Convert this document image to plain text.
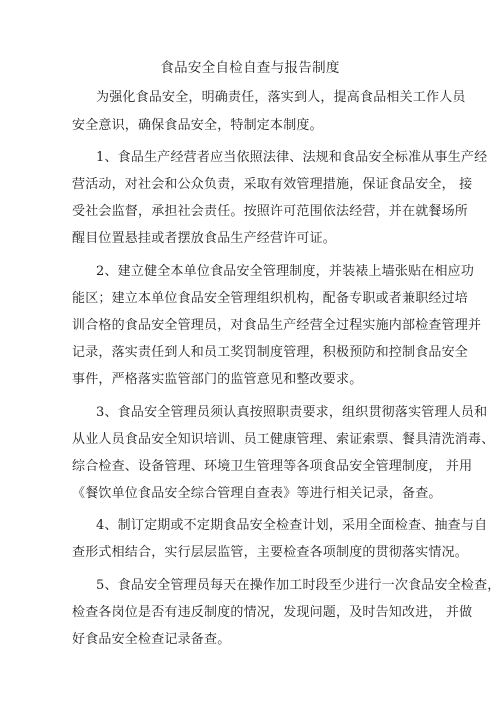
食品安全自检自查与报告制度
为强化食品安全，明确责任，落实到人，提高食品相关工作人员
安全意识，确保食品安全，特制定本制度。
1、食品生产经营者应当依照法律、法规和食品安全标准从事生产经
营活动，对社会和公众负责，采取有效管理措施，保证食品安全， 接
受社会监督，承担社会责任。按照许可范围依法经营，并在就餐场所
醒目位置悬挂或者摆放食品生产经营许可证。
2、建立健全本单位食品安全管理制度，并装裱上墙张贴在相应功
能区；建立本单位食品安全管理组织机构，配备专职或者兼职经过培
训合格的食品安全管理员，对食品生产经营全过程实施内部检查管理并
记录，落实责任到人和员工奖罚制度管理，积极预防和控制食品安全
事件，严格落实监管部门的监管意见和整改要求。
3、食品安全管理员须认真按照职责要求，组织贯彻落实管理人员和
从业人员食品安全知识培训、员工健康管理、索证索票、餐具清洗消毒、
综合检查、设备管理、环境卫生管理等各项食品安全管理制度， 并用
《餐饮单位食品安全综合管理自查表》等进行相关记录，备查。
4、制订定期或不定期食品安全检查计划，采用全面检查、抽查与自
查形式相结合，实行层层监管，主要检查各项制度的贯彻落实情况。
5、食品安全管理员每天在操作加工时段至少进行一次食品安全检查，
检查各岗位是否有违反制度的情况，发现问题，及时告知改进， 并做
好食品安全检查记录备查。
